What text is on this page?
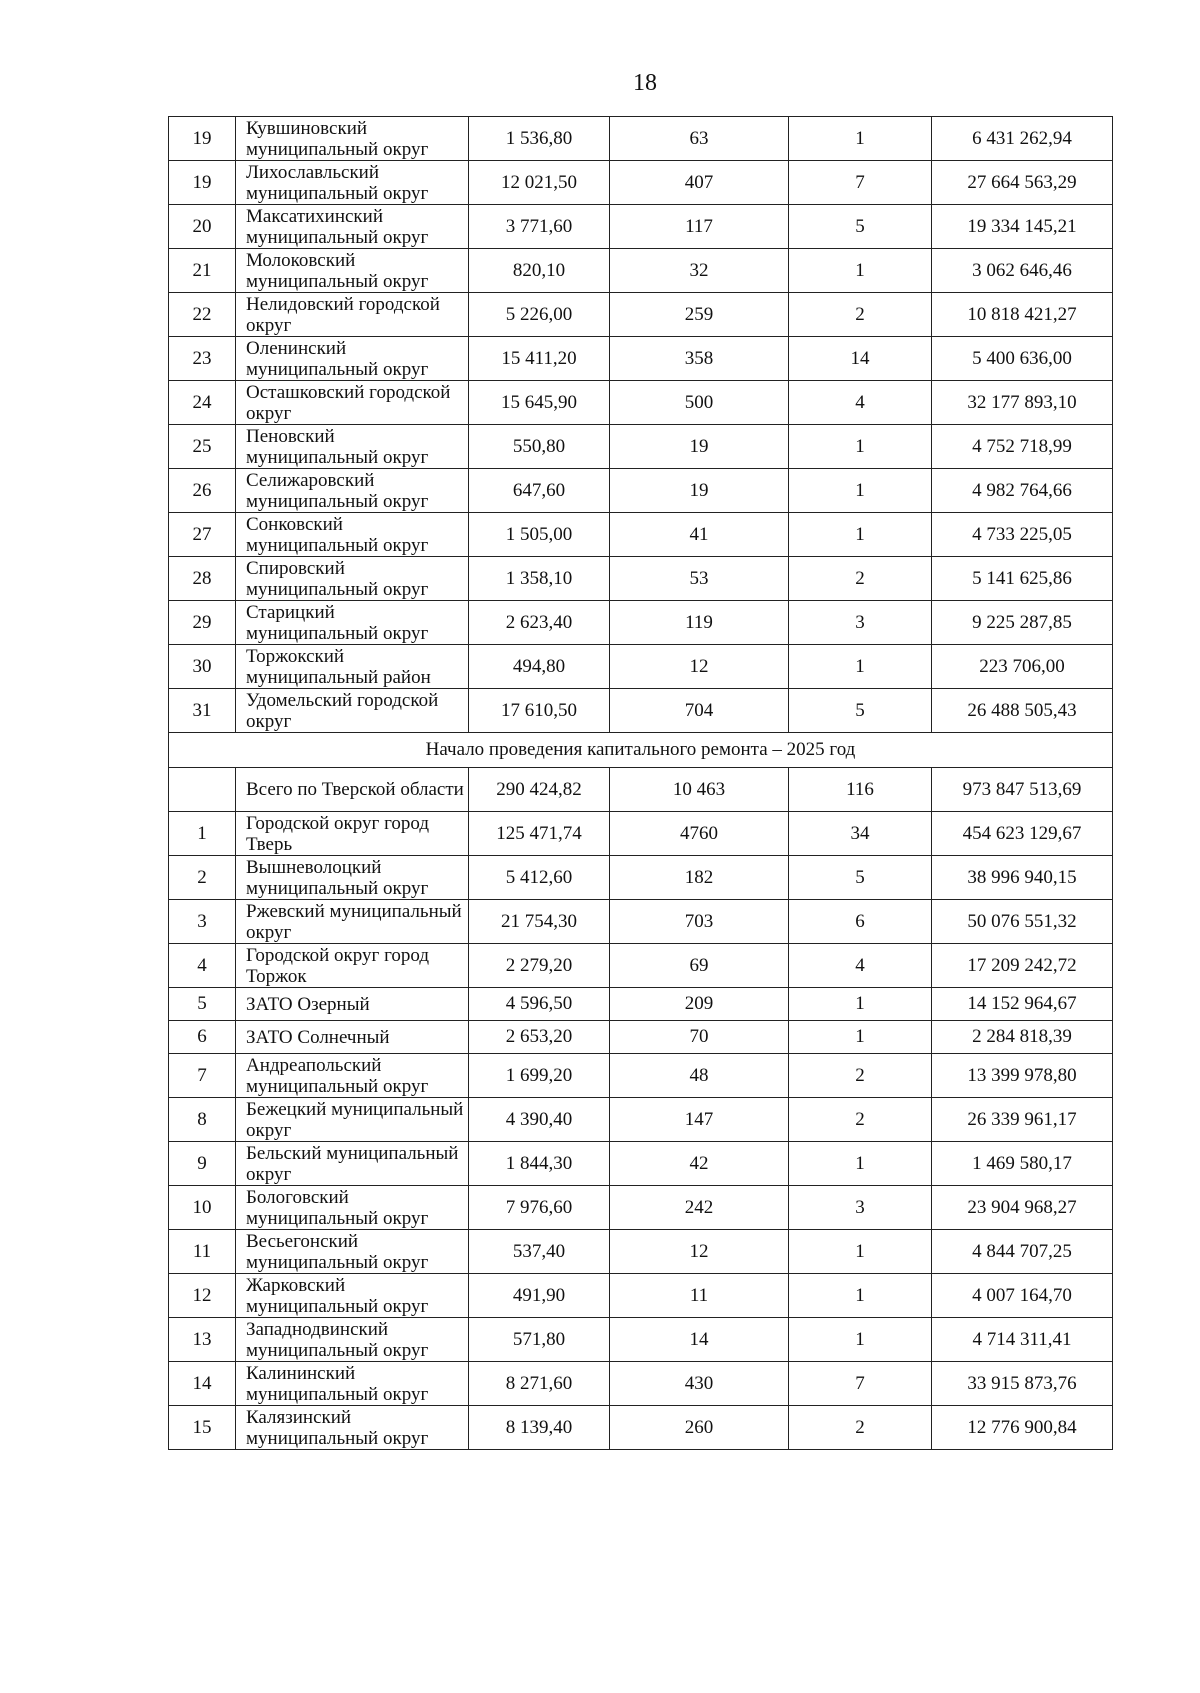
18
19	Кувшиновский муниципальный округ	1 536,80	63	1	6 431 262,94
19	Лихославльский муниципальный округ	12 021,50	407	7	27 664 563,29
20	Максатихинский муниципальный округ	3 771,60	117	5	19 334 145,21
21	Молоковский муниципальный округ	820,10	32	1	3 062 646,46
22	Нелидовский городской округ	5 226,00	259	2	10 818 421,27
23	Оленинский муниципальный округ	15 411,20	358	14	5 400 636,00
24	Осташковский городской округ	15 645,90	500	4	32 177 893,10
25	Пеновский муниципальный округ	550,80	19	1	4 752 718,99
26	Селижаровский муниципальный округ	647,60	19	1	4 982 764,66
27	Сонковский муниципальный округ	1 505,00	41	1	4 733 225,05
28	Спировский муниципальный округ	1 358,10	53	2	5 141 625,86
29	Старицкий муниципальный округ	2 623,40	119	3	9 225 287,85
30	Торжокский муниципальный район	494,80	12	1	223 706,00
31	Удомельский городской округ	17 610,50	704	5	26 488 505,43
Начало проведения капитального ремонта – 2025 год					
	Всего по Тверской области	290 424,82	10 463	116	973 847 513,69
1	Городской округ город Тверь	125 471,74	4760	34	454 623 129,67
2	Вышневолоцкий муниципальный округ	5 412,60	182	5	38 996 940,15
3	Ржевский муниципальный округ	21 754,30	703	6	50 076 551,32
4	Городской округ город Торжок	2 279,20	69	4	17 209 242,72
5	ЗАТО Озерный	4 596,50	209	1	14 152 964,67
6	ЗАТО Солнечный	2 653,20	70	1	2 284 818,39
7	Андреапольский муниципальный округ	1 699,20	48	2	13 399 978,80
8	Бежецкий муниципальный округ	4 390,40	147	2	26 339 961,17
9	Бельский муниципальный округ	1 844,30	42	1	1 469 580,17
10	Бологовский муниципальный округ	7 976,60	242	3	23 904 968,27
11	Весьегонский муниципальный округ	537,40	12	1	4 844 707,25
12	Жарковский муниципальный округ	491,90	11	1	4 007 164,70
13	Западнодвинский муниципальный округ	571,80	14	1	4 714 311,41
14	Калининский муниципальный округ	8 271,60	430	7	33 915 873,76
15	Калязинский муниципальный округ	8 139,40	260	2	12 776 900,84
